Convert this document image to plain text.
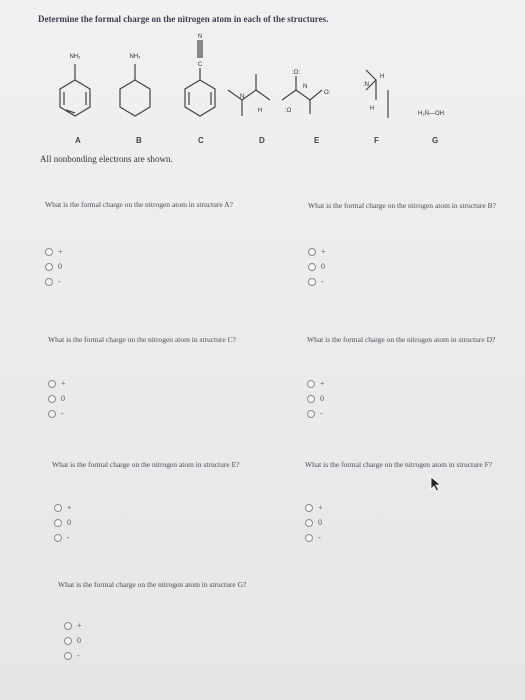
Determine the formal charge on the nitrogen atom in each of the structures.
NH₂	NH₂
N
C
N
H
:O:
N
:O
O:
:N
H
H
H₂N̈—OH
A	B	C	D	E	F	G
All nonbonding electrons are shown.
What is the formal charge on the nitrogen atom in structure A?
+
0
-
What is the formal charge on the nitrogen atom in structure B?
+
0
-
What is the formal charge on the nitrogen atom in structure C?
+
0
-
What is the formal charge on the nitrogen atom in structure D?
+
0
-
What is the formal charge on the nitrogen atom in structure E?
+
0
-
What is the formal charge on the nitrogen atom in structure F?
+
0
-
What is the formal charge on the nitrogen atom in structure G?
+
0
-
